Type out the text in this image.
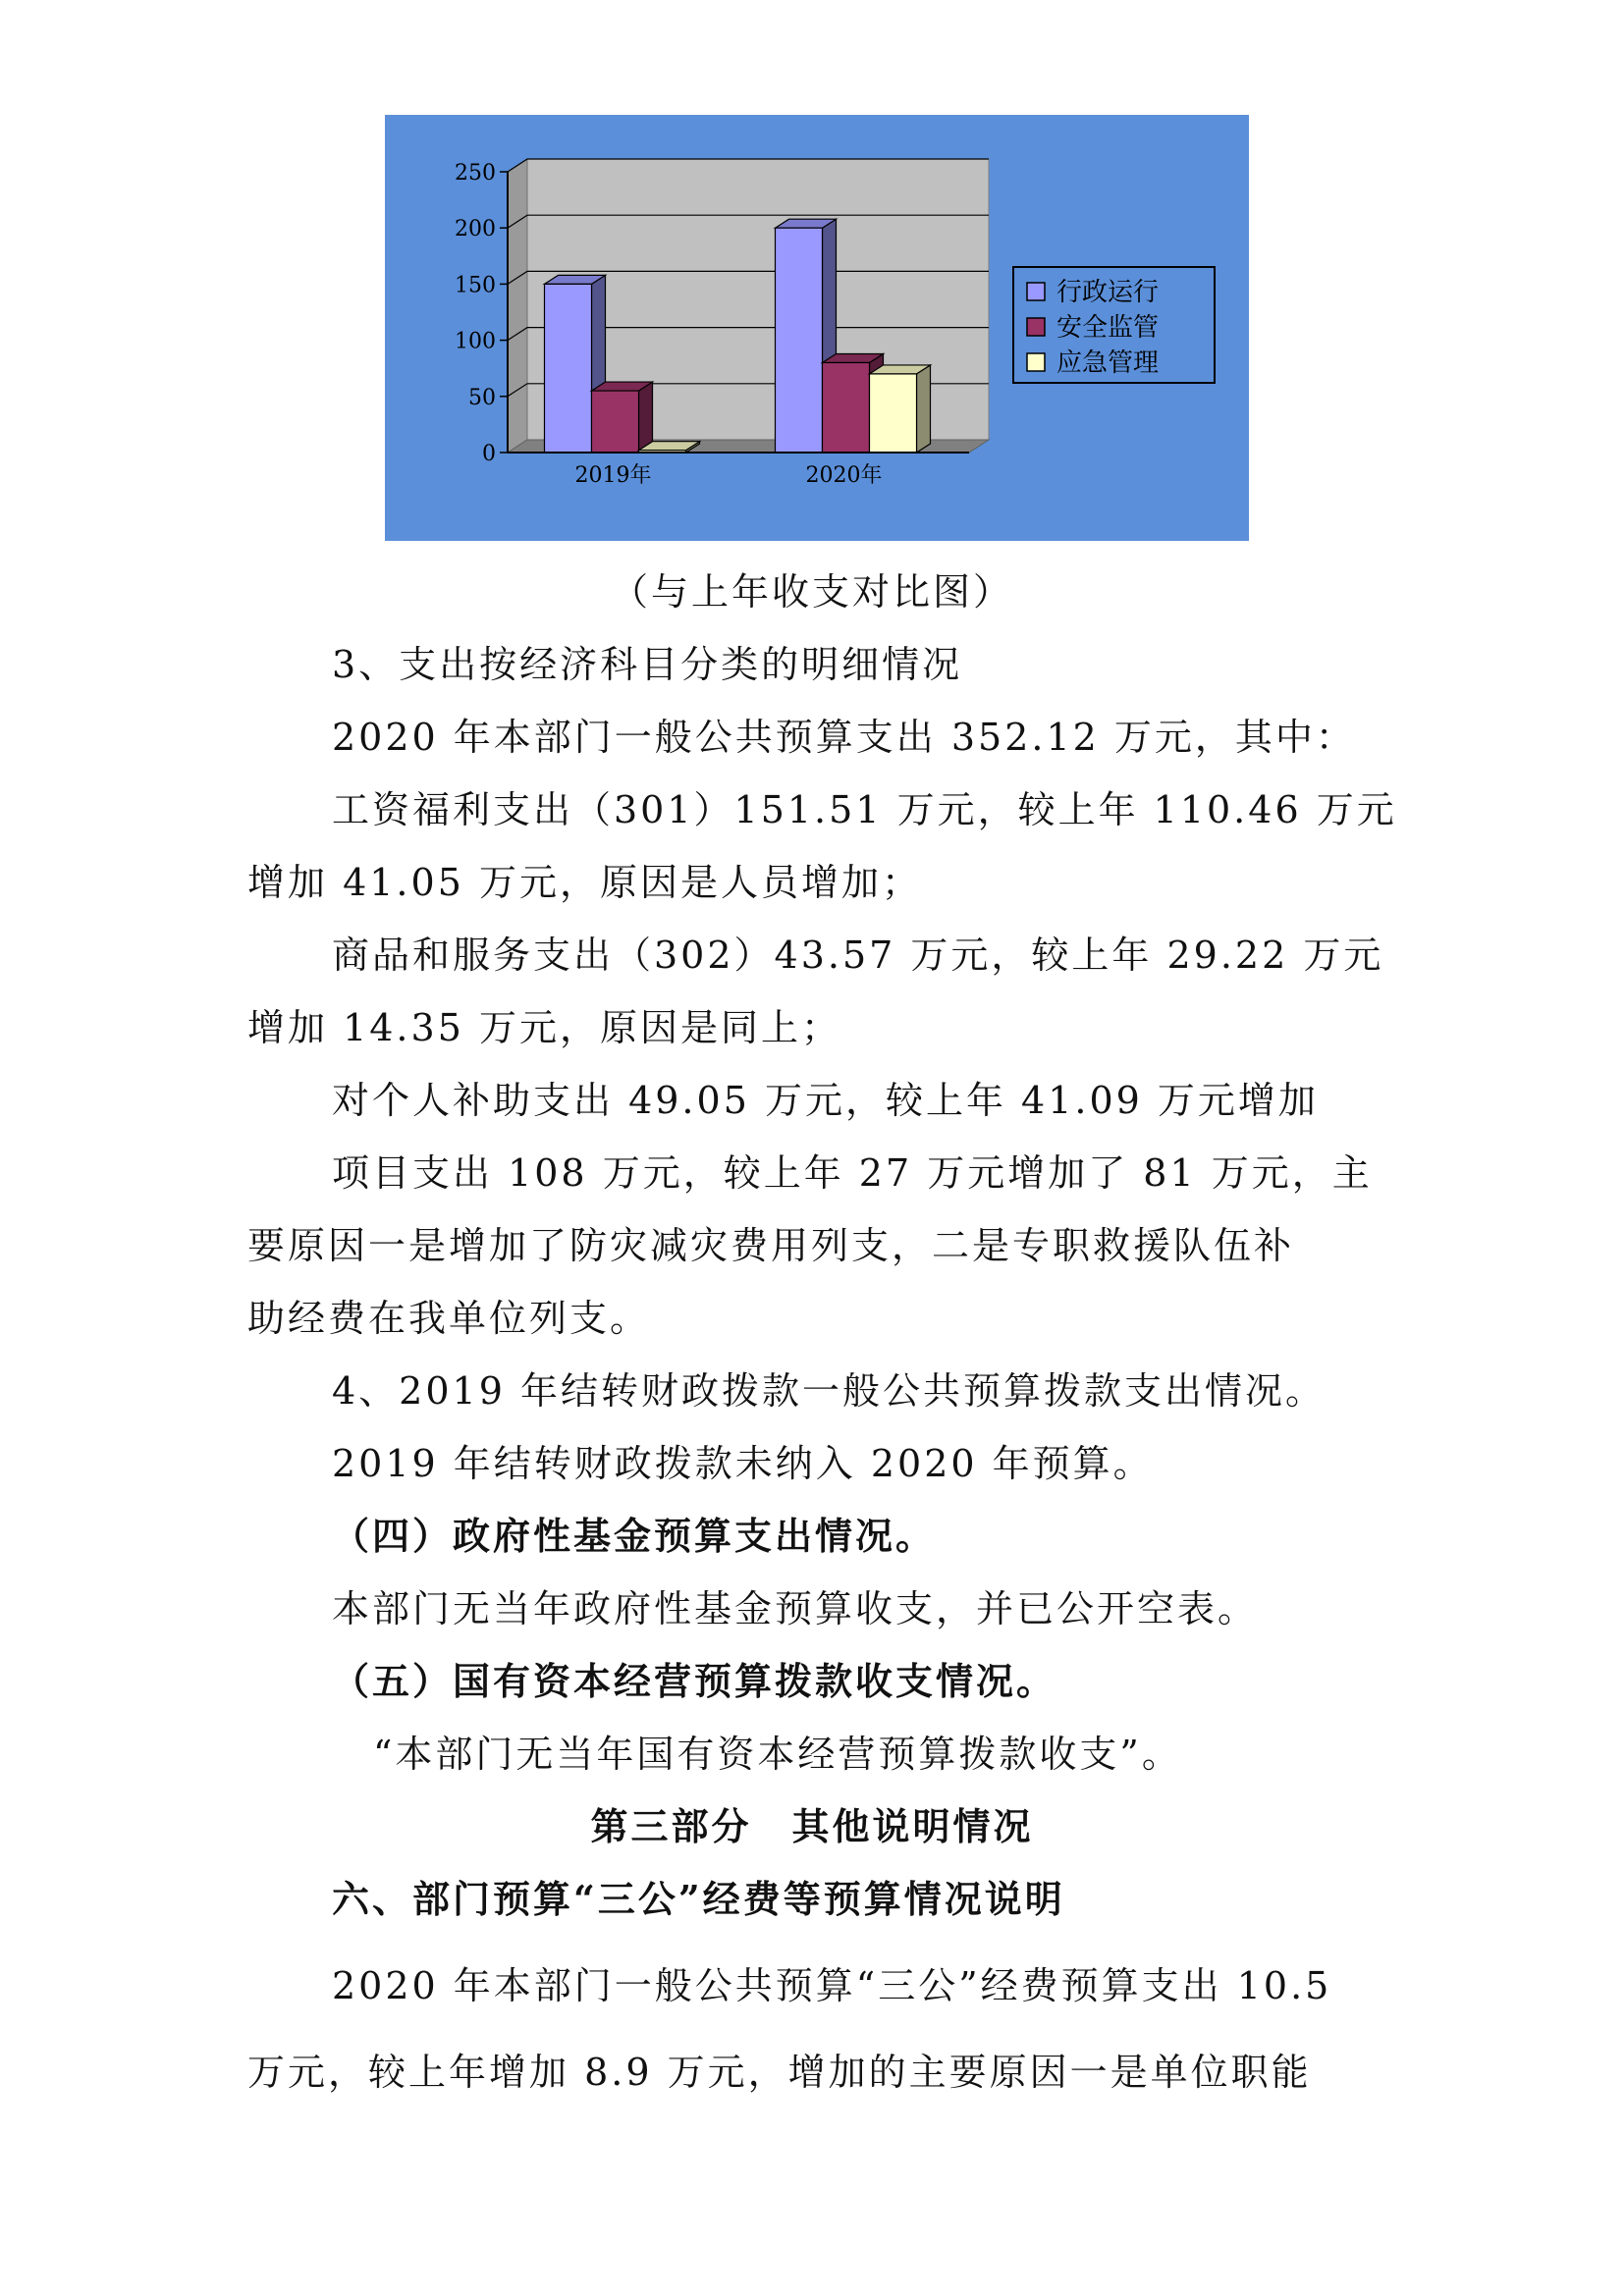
0
50
100
150
200
250
2019年	2020年
行政运行
安全监管
应急管理
（与上年收支对比图）
3、支出按经济科目分类的明细情况
2020 年本部门一般公共预算支出 352.12 万元，其中：
工资福利支出（301）151.51 万元，较上年 110.46 万元
增加 41.05 万元，原因是人员增加；
商品和服务支出（302）43.57 万元，较上年 29.22 万元
增加 14.35 万元，原因是同上；
对个人补助支出 49.05 万元，较上年 41.09 万元增加
项目支出 108 万元，较上年 27 万元增加了 81 万元，主
要原因一是增加了防灾减灾费用列支，二是专职救援队伍补
助经费在我单位列支。
4、2019 年结转财政拨款一般公共预算拨款支出情况。
2019 年结转财政拨款未纳入 2020 年预算。
（四）政府性基金预算支出情况。
本部门无当年政府性基金预算收支，并已公开空表。
（五）国有资本经营预算拨款收支情况。
“本部门无当年国有资本经营预算拨款收支”。
第三部分　其他说明情况
六、部门预算“三公”经费等预算情况说明
2020 年本部门一般公共预算“三公”经费预算支出 10.5
万元，较上年增加 8.9 万元，增加的主要原因一是单位职能
